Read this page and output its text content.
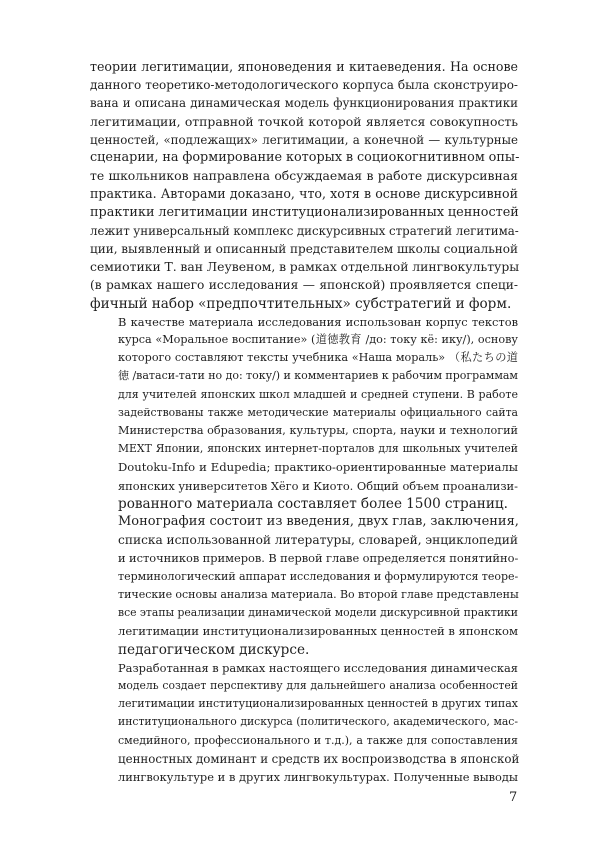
теории легитимации, японоведения и китаеведения. На основе
данного теоретико-методологического корпуса была сконструиро-
вана и описана динамическая модель функционирования практики
легитимации, отправной точкой которой является совокупность
ценностей, «подлежащих» легитимации, а конечной — культурные
сценарии, на формирование которых в социокогнитивном опы-
те школьников направлена обсуждаемая в работе дискурсивная
практика. Авторами доказано, что, хотя в основе дискурсивной
практики легитимации институционализированных ценностей
лежит универсальный комплекс дискурсивных стратегий легитима-
ции, выявленный и описанный представителем школы социальной
семиотики Т. ван Леувеном, в рамках отдельной лингвокультуры
(в рамках нашего исследования — японской) проявляется специ-
фичный набор «предпочтительных» субстратегий и форм.

В качестве материала исследования использован корпус текстов
курса «Моральное воспитание» (道徳教育 /до: току кё: ику/), основу
которого составляют тексты учебника «Наша мораль» （私たちの道
徳 /ватаси-тати но до: току/) и комментариев к рабочим программам
для учителей японских школ младшей и средней ступени. В работе
задействованы также методические материалы официального сайта
Министерства образования, культуры, спорта, науки и технологий
MEXT Японии, японских интернет-порталов для школьных учителей
Doutoku-Info и Edupedia; практико-ориентированные материалы
японских университетов Хёго и Киото. Общий объем проанализи-
рованного материала составляет более 1500 страниц.

Монография состоит из введения, двух глав, заключения,
списка использованной литературы, словарей, энциклопедий
и источников примеров. В первой главе определяется понятийно-
терминологический аппарат исследования и формулируются теоре-
тические основы анализа материала. Во второй главе представлены
все этапы реализации динамической модели дискурсивной практики
легитимации институционализированных ценностей в японском
педагогическом дискурсе.

Разработанная в рамках настоящего исследования динамическая
модель создает перспективу для дальнейшего анализа особенностей
легитимации институционализированных ценностей в других типах
институционального дискурса (политического, академического, мас-
смедийного, профессионального и т.д.), а также для сопоставления
ценностных доминант и средств их воспроизводства в японской
лингвокультуре и в других лингвокультурах. Полученные выводы

7
